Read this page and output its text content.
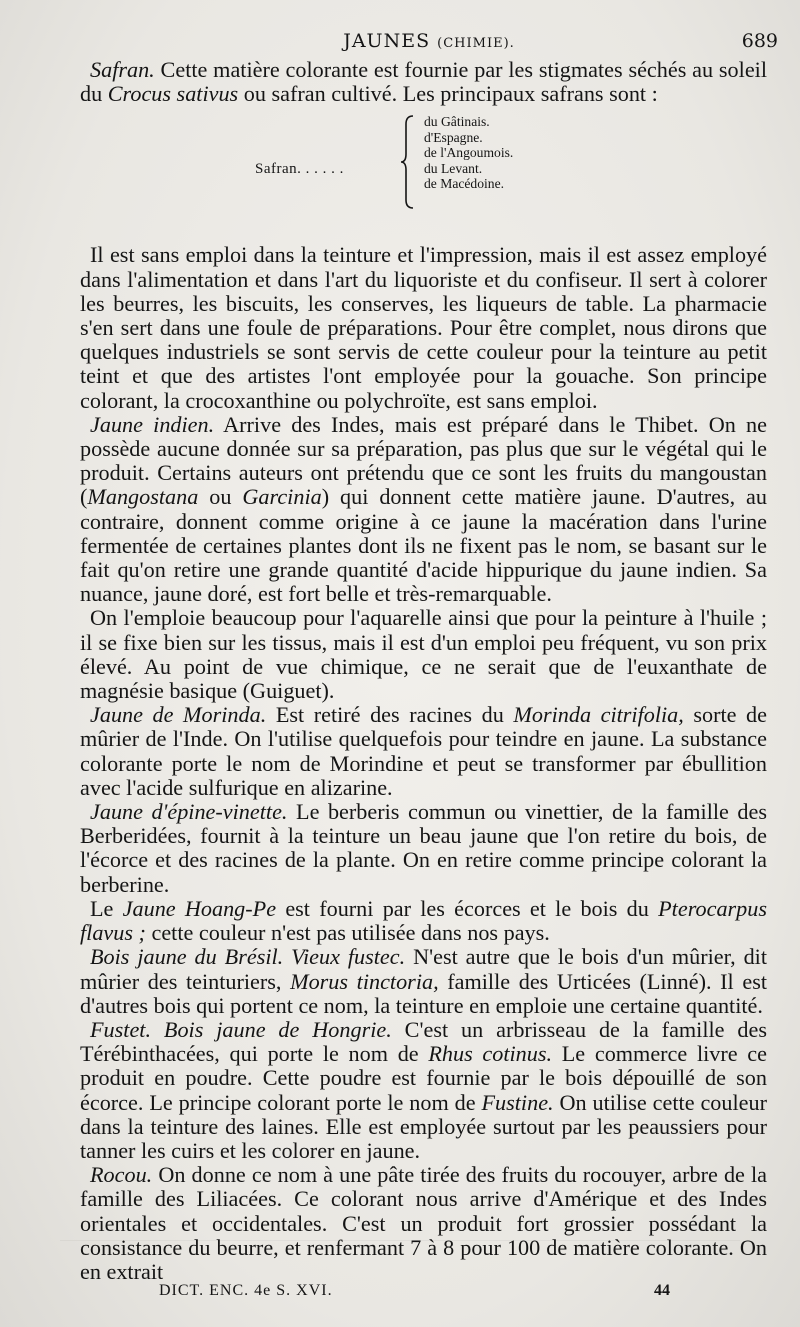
JAUNES (CHIMIE).	689

Safran. Cette matière colorante est fournie par les stigmates séchés au soleil du Crocus sativus ou safran cultivé. Les principaux safrans sont :

Safran. . . . . .
du Gâtinais.
d'Espagne.
de l'Angoumois.
du Levant.
de Macédoine.

Il est sans emploi dans la teinture et l'impression, mais il est assez employé dans l'alimentation et dans l'art du liquoriste et du confiseur. Il sert à colorer les beurres, les biscuits, les conserves, les liqueurs de table. La pharmacie s'en sert dans une foule de préparations. Pour être complet, nous dirons que quelques industriels se sont servis de cette couleur pour la teinture au petit teint et que des artistes l'ont employée pour la gouache. Son principe colorant, la crocoxanthine ou polychroïte, est sans emploi.

Jaune indien. Arrive des Indes, mais est préparé dans le Thibet. On ne possède aucune donnée sur sa préparation, pas plus que sur le végétal qui le produit. Certains auteurs ont prétendu que ce sont les fruits du mangoustan (Mangostana ou Garcinia) qui donnent cette matière jaune. D'autres, au contraire, donnent comme origine à ce jaune la macération dans l'urine fermentée de certaines plantes dont ils ne fixent pas le nom, se basant sur le fait qu'on retire une grande quantité d'acide hippurique du jaune indien. Sa nuance, jaune doré, est fort belle et très-remarquable.

On l'emploie beaucoup pour l'aquarelle ainsi que pour la peinture à l'huile ; il se fixe bien sur les tissus, mais il est d'un emploi peu fréquent, vu son prix élevé. Au point de vue chimique, ce ne serait que de l'euxanthate de magnésie basique (Guiguet).

Jaune de Morinda. Est retiré des racines du Morinda citrifolia, sorte de mûrier de l'Inde. On l'utilise quelquefois pour teindre en jaune. La substance colorante porte le nom de Morindine et peut se transformer par ébullition avec l'acide sulfurique en alizarine.

Jaune d'épine-vinette. Le berberis commun ou vinettier, de la famille des Berberidées, fournit à la teinture un beau jaune que l'on retire du bois, de l'écorce et des racines de la plante. On en retire comme principe colorant la berberine.

Le Jaune Hoang-Pe est fourni par les écorces et le bois du Pterocarpus flavus ; cette couleur n'est pas utilisée dans nos pays.

Bois jaune du Brésil. Vieux fustec. N'est autre que le bois d'un mûrier, dit mûrier des teinturiers, Morus tinctoria, famille des Urticées (Linné). Il est d'autres bois qui portent ce nom, la teinture en emploie une certaine quantité.

Fustet. Bois jaune de Hongrie. C'est un arbrisseau de la famille des Térébinthacées, qui porte le nom de Rhus cotinus. Le commerce livre ce produit en poudre. Cette poudre est fournie par le bois dépouillé de son écorce. Le principe colorant porte le nom de Fustine. On utilise cette couleur dans la teinture des laines. Elle est employée surtout par les peaussiers pour tanner les cuirs et les colorer en jaune.

Rocou. On donne ce nom à une pâte tirée des fruits du rocouyer, arbre de la famille des Liliacées. Ce colorant nous arrive d'Amérique et des Indes orientales et occidentales. C'est un produit fort grossier possédant la consistance du beurre, et renfermant 7 à 8 pour 100 de matière colorante. On en extrait

DICT. ENC. 4e S. XVI.	44
